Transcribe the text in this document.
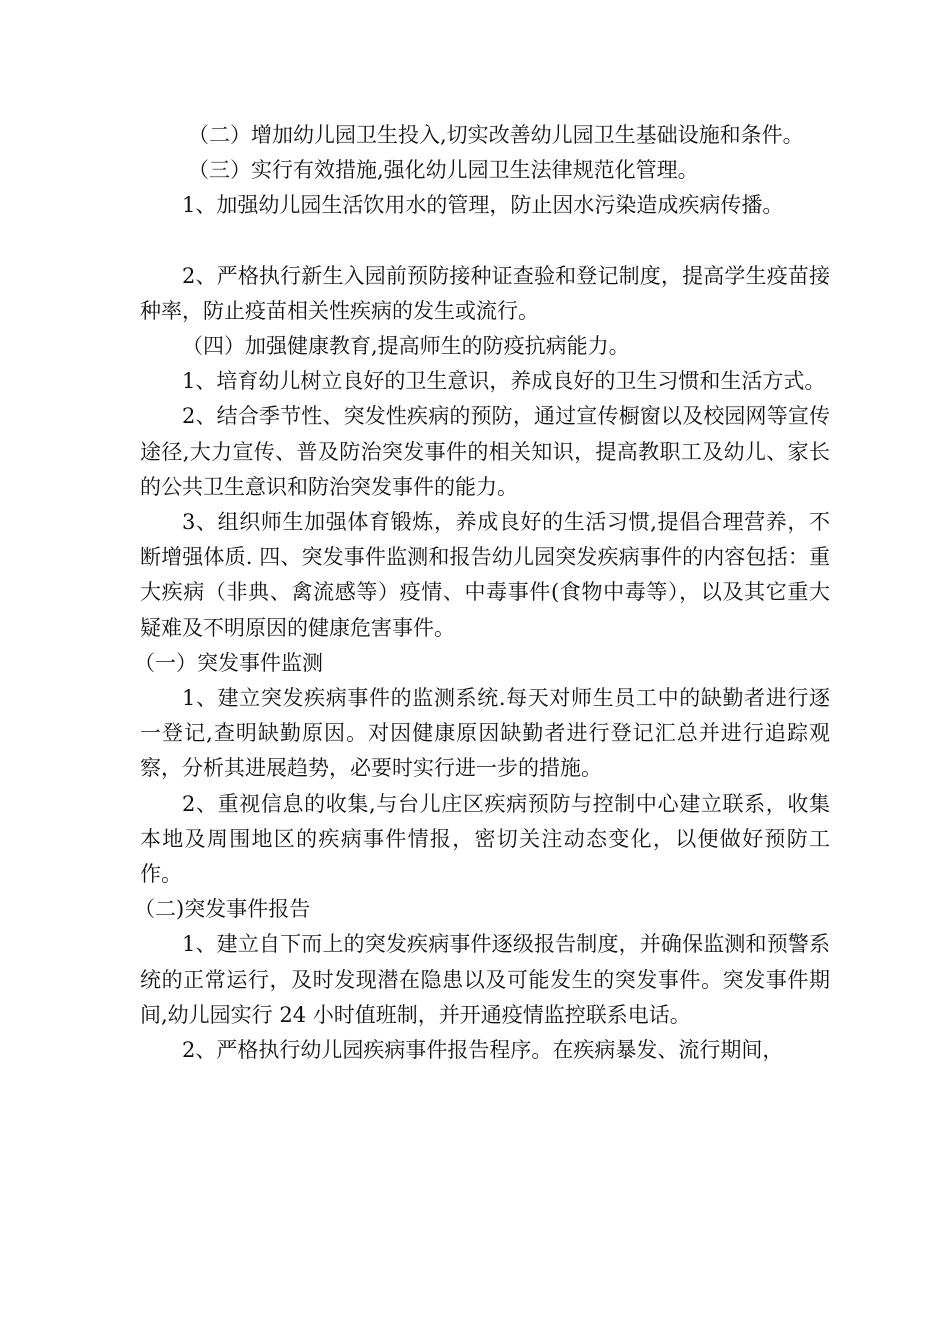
（二）增加幼儿园卫生投入,切实改善幼儿园卫生基础设施和条件。

（三）实行有效措施,强化幼儿园卫生法律规范化管理。

1、加强幼儿园生活饮用水的管理，防止因水污染造成疾病传播。

2、严格执行新生入园前预防接种证查验和登记制度，提高学生疫苗接种率，防止疫苗相关性疾病的发生或流行。

（四）加强健康教育,提高师生的防疫抗病能力。

1、培育幼儿树立良好的卫生意识，养成良好的卫生习惯和生活方式。

2、结合季节性、突发性疾病的预防，通过宣传橱窗以及校园网等宣传途径,大力宣传、普及防治突发事件的相关知识，提高教职工及幼儿、家长的公共卫生意识和防治突发事件的能力。

3、组织师生加强体育锻炼，养成良好的生活习惯,提倡合理营养，不断增强体质. 四、突发事件监测和报告幼儿园突发疾病事件的内容包括：重大疾病（非典、禽流感等）疫情、中毒事件(食物中毒等），以及其它重大疑难及不明原因的健康危害事件。

（一）突发事件监测

1、建立突发疾病事件的监测系统.每天对师生员工中的缺勤者进行逐一登记,查明缺勤原因。对因健康原因缺勤者进行登记汇总并进行追踪观察，分析其进展趋势，必要时实行进一步的措施。

2、重视信息的收集,与台儿庄区疾病预防与控制中心建立联系，收集本地及周围地区的疾病事件情报，密切关注动态变化，以便做好预防工作。

（二)突发事件报告

1、建立自下而上的突发疾病事件逐级报告制度，并确保监测和预警系统的正常运行，及时发现潜在隐患以及可能发生的突发事件。突发事件期间,幼儿园实行 24 小时值班制，并开通疫情监控联系电话。

2、严格执行幼儿园疾病事件报告程序。在疾病暴发、流行期间，
